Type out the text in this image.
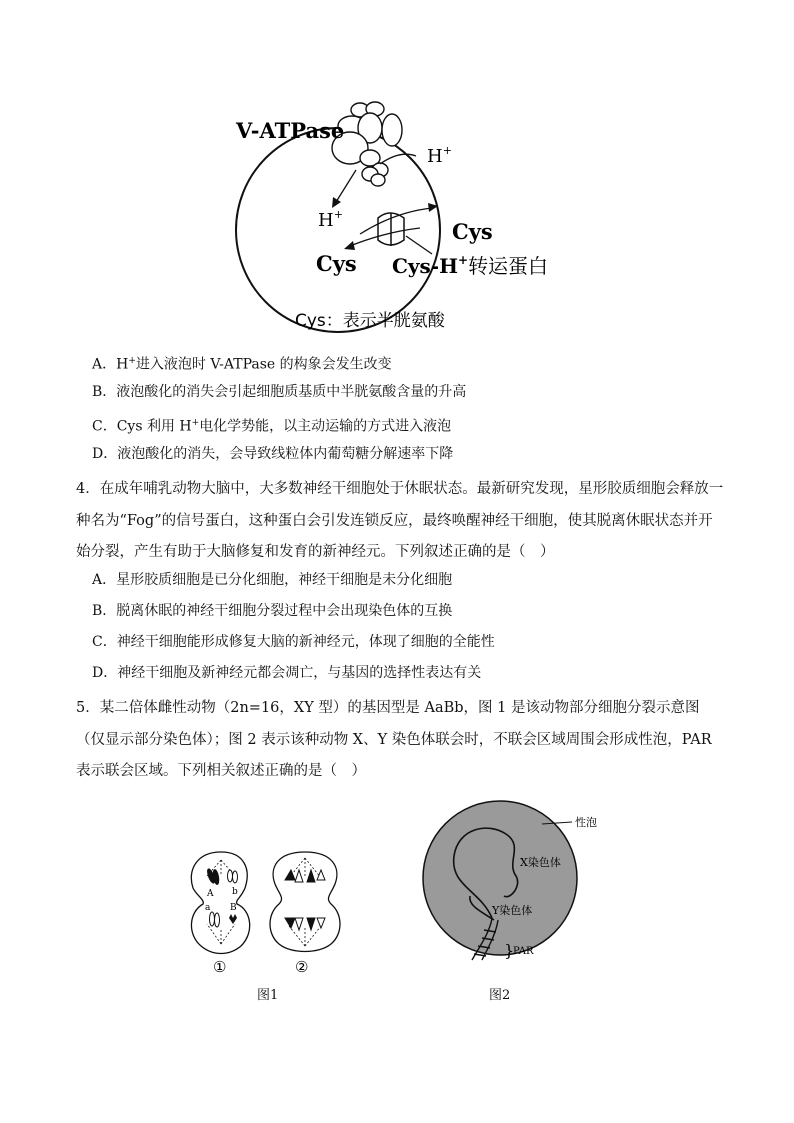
V-ATPase
H+
H+
Cys
Cys Cys-H+转运蛋白
Cys：表示半胱氨酸
A．H+进入液泡时 V-ATPase 的构象会发生改变
B．液泡酸化的消失会引起细胞质基质中半胱氨酸含量的升高
C．Cys 利用 H+电化学势能，以主动运输的方式进入液泡
D．液泡酸化的消失，会导致线粒体内葡萄糖分解速率下降
4．在成年哺乳动物大脑中，大多数神经干细胞处于休眠状态。最新研究发现，星形胶质细胞会释放一种名为“Fog”的信号蛋白，这种蛋白会引发连锁反应，最终唤醒神经干细胞，使其脱离休眠状态并开始分裂，产生有助于大脑修复和发育的新神经元。下列叙述正确的是（　）
A．星形胶质细胞是已分化细胞，神经干细胞是未分化细胞
B．脱离休眠的神经干细胞分裂过程中会出现染色体的互换
C．神经干细胞能形成修复大脑的新神经元，体现了细胞的全能性
D．神经干细胞及新神经元都会凋亡，与基因的选择性表达有关
5．某二倍体雌性动物（2n=16，XY 型）的基因型是 AaBb，图 1 是该动物部分细胞分裂示意图（仅显示部分染色体）；图 2 表示该种动物 X、Y 染色体联会时，不联会区域周围会形成性泡，PAR 表示联会区域。下列相关叙述正确的是（　）
A b
a B
①	②
图1
性泡
X染色体
Y染色体
}
PAR
图2
